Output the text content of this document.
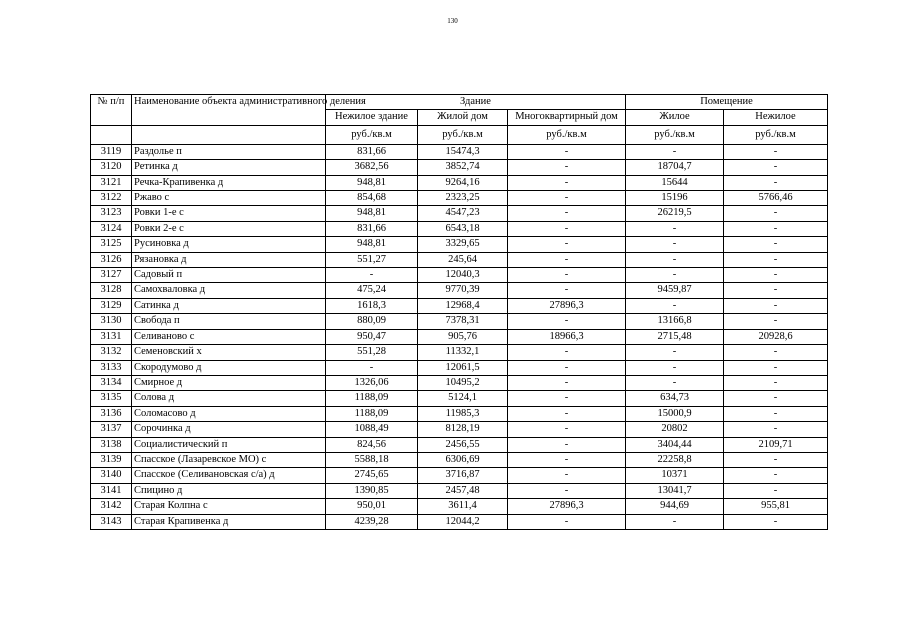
130
№ п/п	Наименование объекта административного деления	Здание			Помещение	
		Нежилое здание	Жилой дом	Многоквартирный дом	Жилое	Нежилое
		руб./кв.м	руб./кв.м	руб./кв.м	руб./кв.м	руб./кв.м
3119	Раздолье п	831,66	15474,3	-	-	-
3120	Ретинка д	3682,56	3852,74	-	18704,7	-
3121	Речка-Крапивенка д	948,81	9264,16	-	15644	-
3122	Ржаво с	854,68	2323,25	-	15196	5766,46
3123	Ровки 1-е с	948,81	4547,23	-	26219,5	-
3124	Ровки 2-е с	831,66	6543,18	-	-	-
3125	Русиновка д	948,81	3329,65	-	-	-
3126	Рязановка д	551,27	245,64	-	-	-
3127	Садовый п	-	12040,3	-	-	-
3128	Самохваловка д	475,24	9770,39	-	9459,87	-
3129	Сатинка д	1618,3	12968,4	27896,3	-	-
3130	Свобода п	880,09	7378,31	-	13166,8	-
3131	Селиваново с	950,47	905,76	18966,3	2715,48	20928,6
3132	Семеновский х	551,28	11332,1	-	-	-
3133	Скородумово д	-	12061,5	-	-	-
3134	Смирное д	1326,06	10495,2	-	-	-
3135	Солова д	1188,09	5124,1	-	634,73	-
3136	Соломасово д	1188,09	11985,3	-	15000,9	-
3137	Сорочинка д	1088,49	8128,19	-	20802	-
3138	Социалистический п	824,56	2456,55	-	3404,44	2109,71
3139	Спасское (Лазаревское МО) с	5588,18	6306,69	-	22258,8	-
3140	Спасское (Селивановская с/а) д	2745,65	3716,87	-	10371	-
3141	Спицино д	1390,85	2457,48	-	13041,7	-
3142	Старая Колпна с	950,01	3611,4	27896,3	944,69	955,81
3143	Старая Крапивенка д	4239,28	12044,2	-	-	-
